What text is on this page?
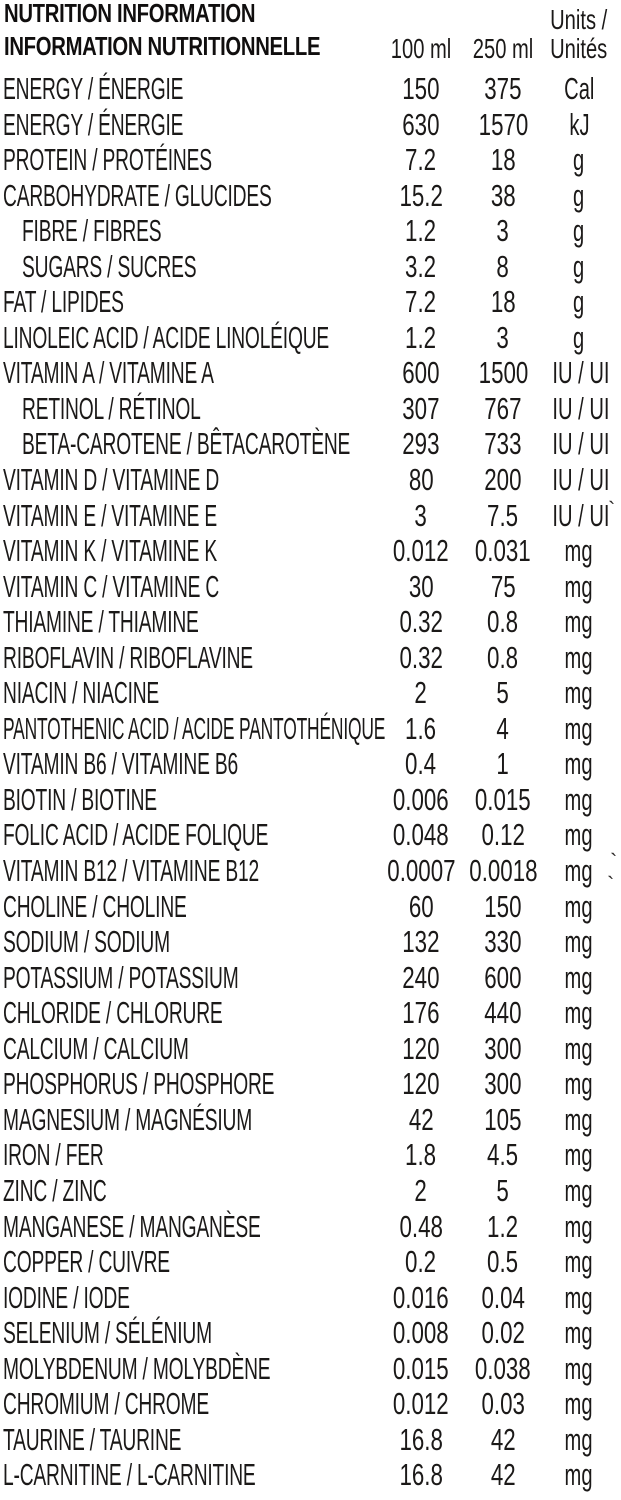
NUTRITION INFORMATION
INFORMATION NUTRITIONNELLE
Units /
100 ml 250 ml Unités
ENERGY / ÉNERGIE	150	375	Cal
ENERGY / ÉNERGIE	630	1570	kJ
PROTEIN / PROTÉINES	7.2	18	g
CARBOHYDRATE / GLUCIDES	15.2	38	g
FIBRE / FIBRES	1.2	3	g
SUGARS / SUCRES	3.2	8	g
FAT / LIPIDES	7.2	18	g
LINOLEIC ACID / ACIDE LINOLÉIQUE	1.2	3	g
VITAMIN A / VITAMINE A	600	1500 IU / UI
RETINOL / RÉTINOL	307	767 IU / UI
BETA-CAROTENE / BÊTACAROTÈNE	293	733 IU / UI
VITAMIN D / VITAMINE D	80	200 IU / UI
VITAMIN E / VITAMINE E	3	7.5	IU / UI
VITAMIN K / VITAMINE K	0.012 0.031	mg
VITAMIN C / VITAMINE C	30	75	mg
THIAMINE / THIAMINE	0.32	0.8	mg
RIBOFLAVIN / RIBOFLAVINE	0.32	0.8	mg
NIACIN / NIACINE	2	5	mg
PANTOTHENIC ACID / ACIDE PANTOTHÉNIQUE 1.6	4	mg
VITAMIN B6 / VITAMINE B6	0.4	1	mg
BIOTIN / BIOTINE	0.006 0.015	mg
FOLIC ACID / ACIDE FOLIQUE	0.048	0.12	mg
VITAMIN B12 / VITAMINE B12	0.0007 0.0018 mg
CHOLINE / CHOLINE	60	150	mg
SODIUM / SODIUM	132	330	mg
POTASSIUM / POTASSIUM	240	600	mg
CHLORIDE / CHLORURE	176	440	mg
CALCIUM / CALCIUM	120	300	mg
PHOSPHORUS / PHOSPHORE	120	300	mg
MAGNESIUM / MAGNÉSIUM	42	105	mg
IRON / FER	1.8	4.5	mg
ZINC / ZINC	2	5	mg
MANGANESE / MANGANÈSE	0.48	1.2	mg
COPPER / CUIVRE	0.2	0.5	mg
IODINE / IODE	0.016	0.04	mg
SELENIUM / SÉLÉNIUM	0.008	0.02	mg
MOLYBDENUM / MOLYBDÈNE	0.015 0.038	mg
CHROMIUM / CHROME	0.012	0.03	mg
TAURINE / TAURINE	16.8	42	mg
L-CARNITINE / L-CARNITINE	16.8	42	mg
`
`
`
